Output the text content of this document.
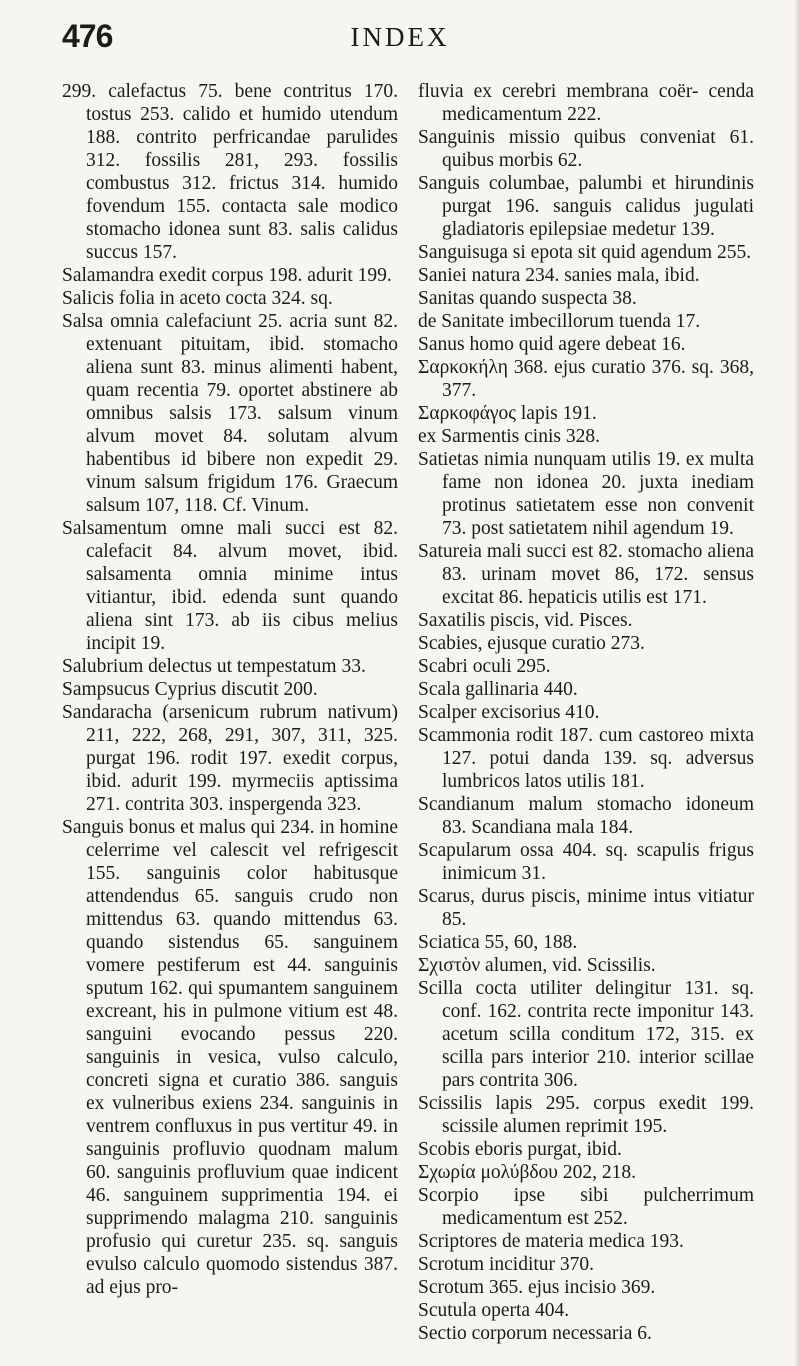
476	INDEX

299. calefactus 75. bene contritus 170. tostus 253. calido et humido utendum 188. contrito perfricandae parulides 312. fossilis 281, 293. fossilis combustus 312. frictus 314. humido fovendum 155. contacta sale modico stomacho idonea sunt 83. salis calidus succus 157.

Salamandra exedit corpus 198. adurit 199.

Salicis folia in aceto cocta 324. sq.

Salsa omnia calefaciunt 25. acria sunt 82. extenuant pituitam, ibid. stomacho aliena sunt 83. minus alimenti habent, quam recentia 79. oportet abstinere ab omnibus salsis 173. salsum vinum alvum movet 84. solutam alvum habentibus id bibere non expedit 29. vinum salsum frigidum 176. Graecum salsum 107, 118. Cf. Vinum.

Salsamentum omne mali succi est 82. calefacit 84. alvum movet, ibid. salsamenta omnia minime intus vitiantur, ibid. edenda sunt quando aliena sint 173. ab iis cibus melius incipit 19.

Salubrium delectus ut tempestatum 33.

Sampsucus Cyprius discutit 200.

Sandaracha (arsenicum rubrum nativum) 211, 222, 268, 291, 307, 311, 325. purgat 196. rodit 197. exedit corpus, ibid. adurit 199. myrmeciis aptissima 271. contrita 303. inspergenda 323.

Sanguis bonus et malus qui 234. in homine celerrime vel calescit vel refrigescit 155. sanguinis color habitusque attendendus 65. sanguis crudo non mittendus 63. quando mittendus 63. quando sistendus 65. sanguinem vomere pestiferum est 44. sanguinis sputum 162. qui spumantem sanguinem excreant, his in pulmone vitium est 48. sanguini evocando pessus 220. sanguinis in vesica, vulso calculo, concreti signa et curatio 386. sanguis ex vulneribus exiens 234. sanguinis in ventrem confluxus in pus vertitur 49. in sanguinis profluvio quodnam malum 60. sanguinis profluvium quae indicent 46. sanguinem supprimentia 194. ei supprimendo malagma 210. sanguinis profusio qui curetur 235. sq. sanguis evulso calculo quomodo sistendus 387. ad ejus pro-

fluvia ex cerebri membrana coër- cenda medicamentum 222.

Sanguinis missio quibus conveniat 61. quibus morbis 62.

Sanguis columbae, palumbi et hirundinis purgat 196. sanguis calidus jugulati gladiatoris epilepsiae medetur 139.

Sanguisuga si epota sit quid agendum 255.

Saniei natura 234. sanies mala, ibid.

Sanitas quando suspecta 38.

de Sanitate imbecillorum tuenda 17.

Sanus homo quid agere debeat 16.

Σαρκοκήλη 368. ejus curatio 376. sq. 368, 377.

Σαρκοφάγος lapis 191.

ex Sarmentis cinis 328.

Satietas nimia nunquam utilis 19. ex multa fame non idonea 20. juxta inediam protinus satietatem esse non convenit 73. post satietatem nihil agendum 19.

Satureia mali succi est 82. stomacho aliena 83. urinam movet 86, 172. sensus excitat 86. hepaticis utilis est 171.

Saxatilis piscis, vid. Pisces.

Scabies, ejusque curatio 273.

Scabri oculi 295.

Scala gallinaria 440.

Scalper excisorius 410.

Scammonia rodit 187. cum castoreo mixta 127. potui danda 139. sq. adversus lumbricos latos utilis 181.

Scandianum malum stomacho idoneum 83. Scandiana mala 184.

Scapularum ossa 404. sq. scapulis frigus inimicum 31.

Scarus, durus piscis, minime intus vitiatur 85.

Sciatica 55, 60, 188.

Σχιστὸν alumen, vid. Scissilis.

Scilla cocta utiliter delingitur 131. sq. conf. 162. contrita recte imponitur 143. acetum scilla conditum 172, 315. ex scilla pars interior 210. interior scillae pars contrita 306.

Scissilis lapis 295. corpus exedit 199. scissile alumen reprimit 195.

Scobis eboris purgat, ibid.

Σχωρία μολύβδου 202, 218.

Scorpio ipse sibi pulcherrimum medicamentum est 252.

Scriptores de materia medica 193.

Scrotum inciditur 370.

Scrotum 365. ejus incisio 369.

Scutula operta 404.

Sectio corporum necessaria 6.
